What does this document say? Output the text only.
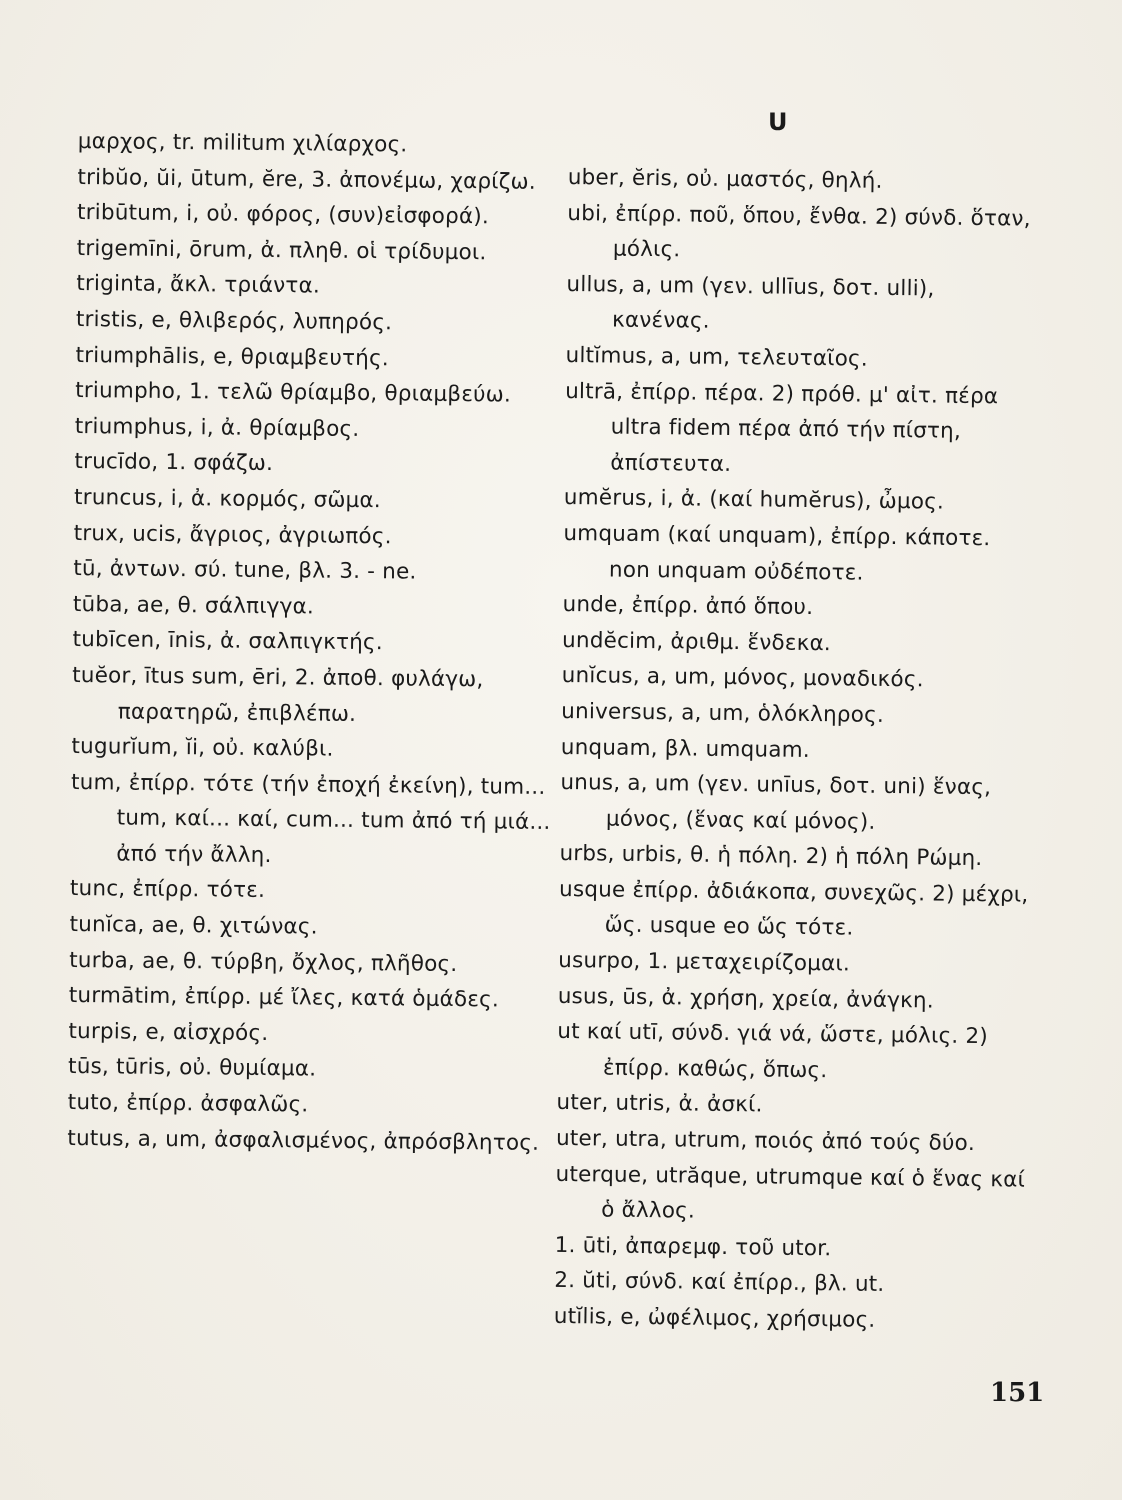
μαρχος, tr. militum χιλίαρχος.

tribŭo, ŭi, ūtum, ĕre, 3. ἀπονέμω, χαρίζω.

tribūtum, i, οὐ. φόρος, (συν)εἰσφορά).

trigemīni, ōrum, ἀ. πληθ. οἱ τρίδυμοι.

triginta, ἄκλ. τριάντα.

tristis, e, θλιβερός, λυπηρός.

triumphālis, e, θριαμβευτής.

triumpho, 1. τελῶ θρίαμβο, θριαμβεύω.

triumphus, i, ἀ. θρίαμβος.

trucīdo, 1. σφάζω.

truncus, i, ἀ. κορμός, σῶμα.

trux, ucis, ἄγριος, ἀγριωπός.

tū, ἀντων. σύ. tune, βλ. 3. - ne.

tūba, ae, θ. σάλπιγγα.

tubīcen, īnis, ἀ. σαλπιγκτής.

tuĕor, ītus sum, ēri, 2. ἀποθ. φυλάγω, παρατηρῶ, ἐπιβλέπω.

tugurĭum, ĭi, οὐ. καλύβι.

tum, ἐπίρρ. τότε (τήν ἐποχή ἐκείνη), tum... tum, καί... καί, cum... tum ἀπό τή μιά... ἀπό τήν ἄλλη.

tunc, ἐπίρρ. τότε.

tunĭca, ae, θ. χιτώνας.

turba, ae, θ. τύρβη, ὄχλος, πλῆθος.

turmātim, ἐπίρρ. μέ ἴλες, κατά ὁμάδες.

turpis, e, αἰσχρός.

tūs, tūris, οὐ. θυμίαμα.

tuto, ἐπίρρ. ἀσφαλῶς.

tutus, a, um, ἀσφαλισμένος, ἀπρόσβλητος.

U

uber, ĕris, οὐ. μαστός, θηλή.

ubi, ἐπίρρ. ποῦ, ὅπου, ἔνθα. 2) σύνδ. ὅταν, μόλις.

ullus, a, um (γεν. ullīus, δοτ. ulli), κανένας.

ultĭmus, a, um, τελευταῖος.

ultrā, ἐπίρρ. πέρα. 2) πρόθ. μ' αἰτ. πέρα ultra fidem πέρα ἀπό τήν πίστη, ἀπίστευτα.

umĕrus, i, ἀ. (καί humĕrus), ὦμος.

umquam (καί unquam), ἐπίρρ. κάποτε. non unquam οὐδέποτε.

unde, ἐπίρρ. ἀπό ὅπου.

undĕcim, ἀριθμ. ἕνδεκα.

unĭcus, a, um, μόνος, μοναδικός.

universus, a, um, ὁλόκληρος.

unquam, βλ. umquam.

unus, a, um (γεν. unīus, δοτ. uni) ἕνας, μόνος, (ἕνας καί μόνος).

urbs, urbis, θ. ἡ πόλη. 2) ἡ πόλη Ρώμη.

usque ἐπίρρ. ἀδιάκοπα, συνεχῶς. 2) μέχρι, ὥς. usque eo ὥς τότε.

usurpo, 1. μεταχειρίζομαι.

usus, ūs, ἀ. χρήση, χρεία, ἀνάγκη.

ut καί utī, σύνδ. γιά νά, ὥστε, μόλις. 2) ἐπίρρ. καθώς, ὅπως.

uter, utris, ἀ. ἀσκί.

uter, utra, utrum, ποιός ἀπό τούς δύο.

uterque, utrăque, utrumque καί ὁ ἕνας καί ὁ ἄλλος.

1. ūti, ἀπαρεμφ. τοῦ utor.

2. ŭti, σύνδ. καί ἐπίρρ., βλ. ut.

utĭlis, e, ὠφέλιμος, χρήσιμος.

151
